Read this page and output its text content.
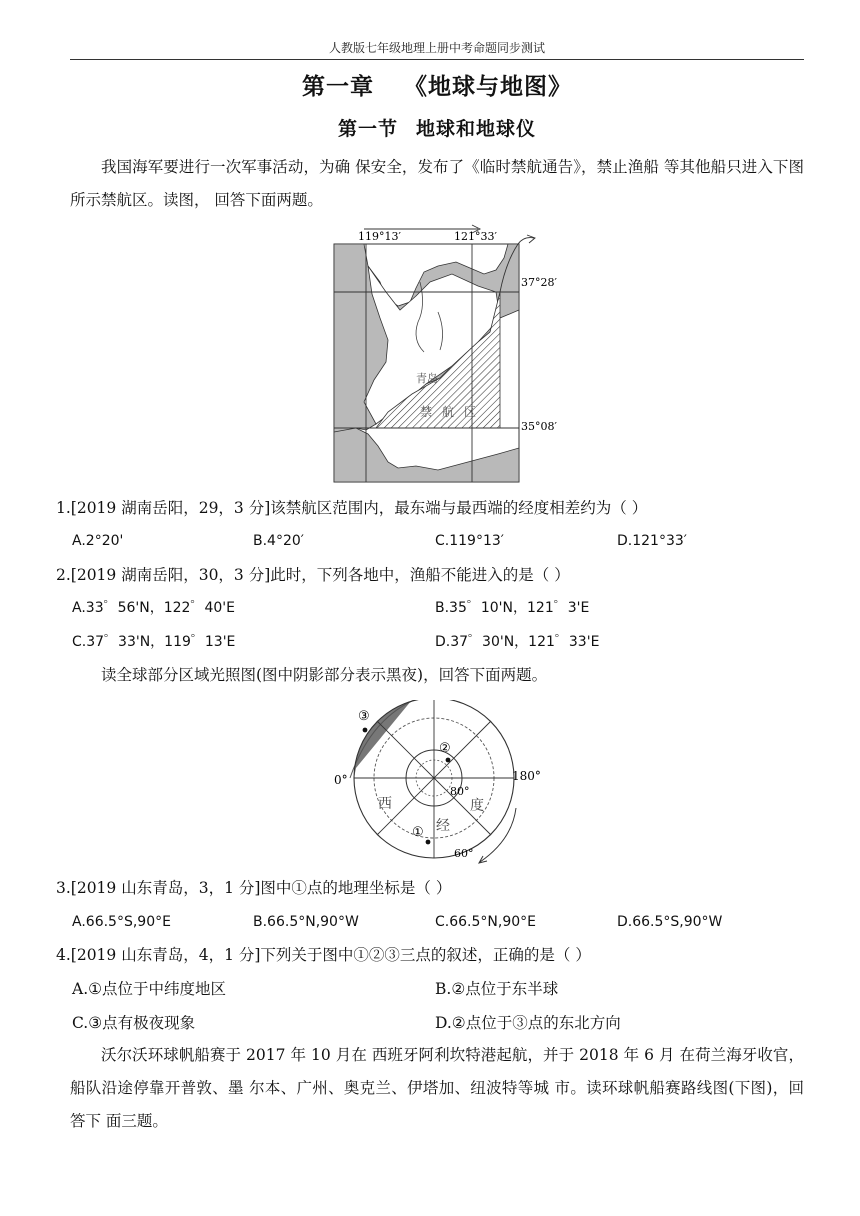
人教版七年级地理上册中考命题同步测试
第一章 《地球与地图》
第一节 地球和地球仪
我国海军要进行一次军事活动，为确 保安全，发布了《临时禁航通告》，禁止渔船 等其他船只进入下图所示禁航区。读图， 回答下面两题。
119°13′	121°33′
37°28′
35°08′
青岛
禁 航 区
1.[2019 湖南岳阳，29，3 分]该禁航区范围内，最东端与最西端的经度相差约为（ ）
A.2°20'	B.4°20′	C.119°13′	D.121°33′
2.[2019 湖南岳阳，30，3 分]此时，下列各地中，渔船不能进入的是（ ）
A.33゜56'N，122゜40'E	B.35゜10'N，121゜3'E
C.37゜33'N，119゜13'E	D.37゜30'N，121゜33'E
读全球部分区域光照图(图中阴影部分表示黑夜)，回答下面两题。
③
②
①
0°	180°
80°
60°
西
经
度
3.[2019 山东青岛，3，1 分]图中①点的地理坐标是（ ）
A.66.5°S,90°E	B.66.5°N,90°W	C.66.5°N,90°E	D.66.5°S,90°W
4.[2019 山东青岛，4，1 分]下列关于图中①②③三点的叙述，正确的是（ ）
A.①点位于中纬度地区	B.②点位于东半球
C.③点有极夜现象	D.②点位于③点的东北方向
沃尔沃环球帆船赛于 2017 年 10 月在 西班牙阿利坎特港起航，并于 2018 年 6 月 在荷兰海牙收官，船队沿途停靠开普敦、墨 尔本、广州、奥克兰、伊塔加、纽波特等城 市。读环球帆船赛路线图(下图)，回答下 面三题。
